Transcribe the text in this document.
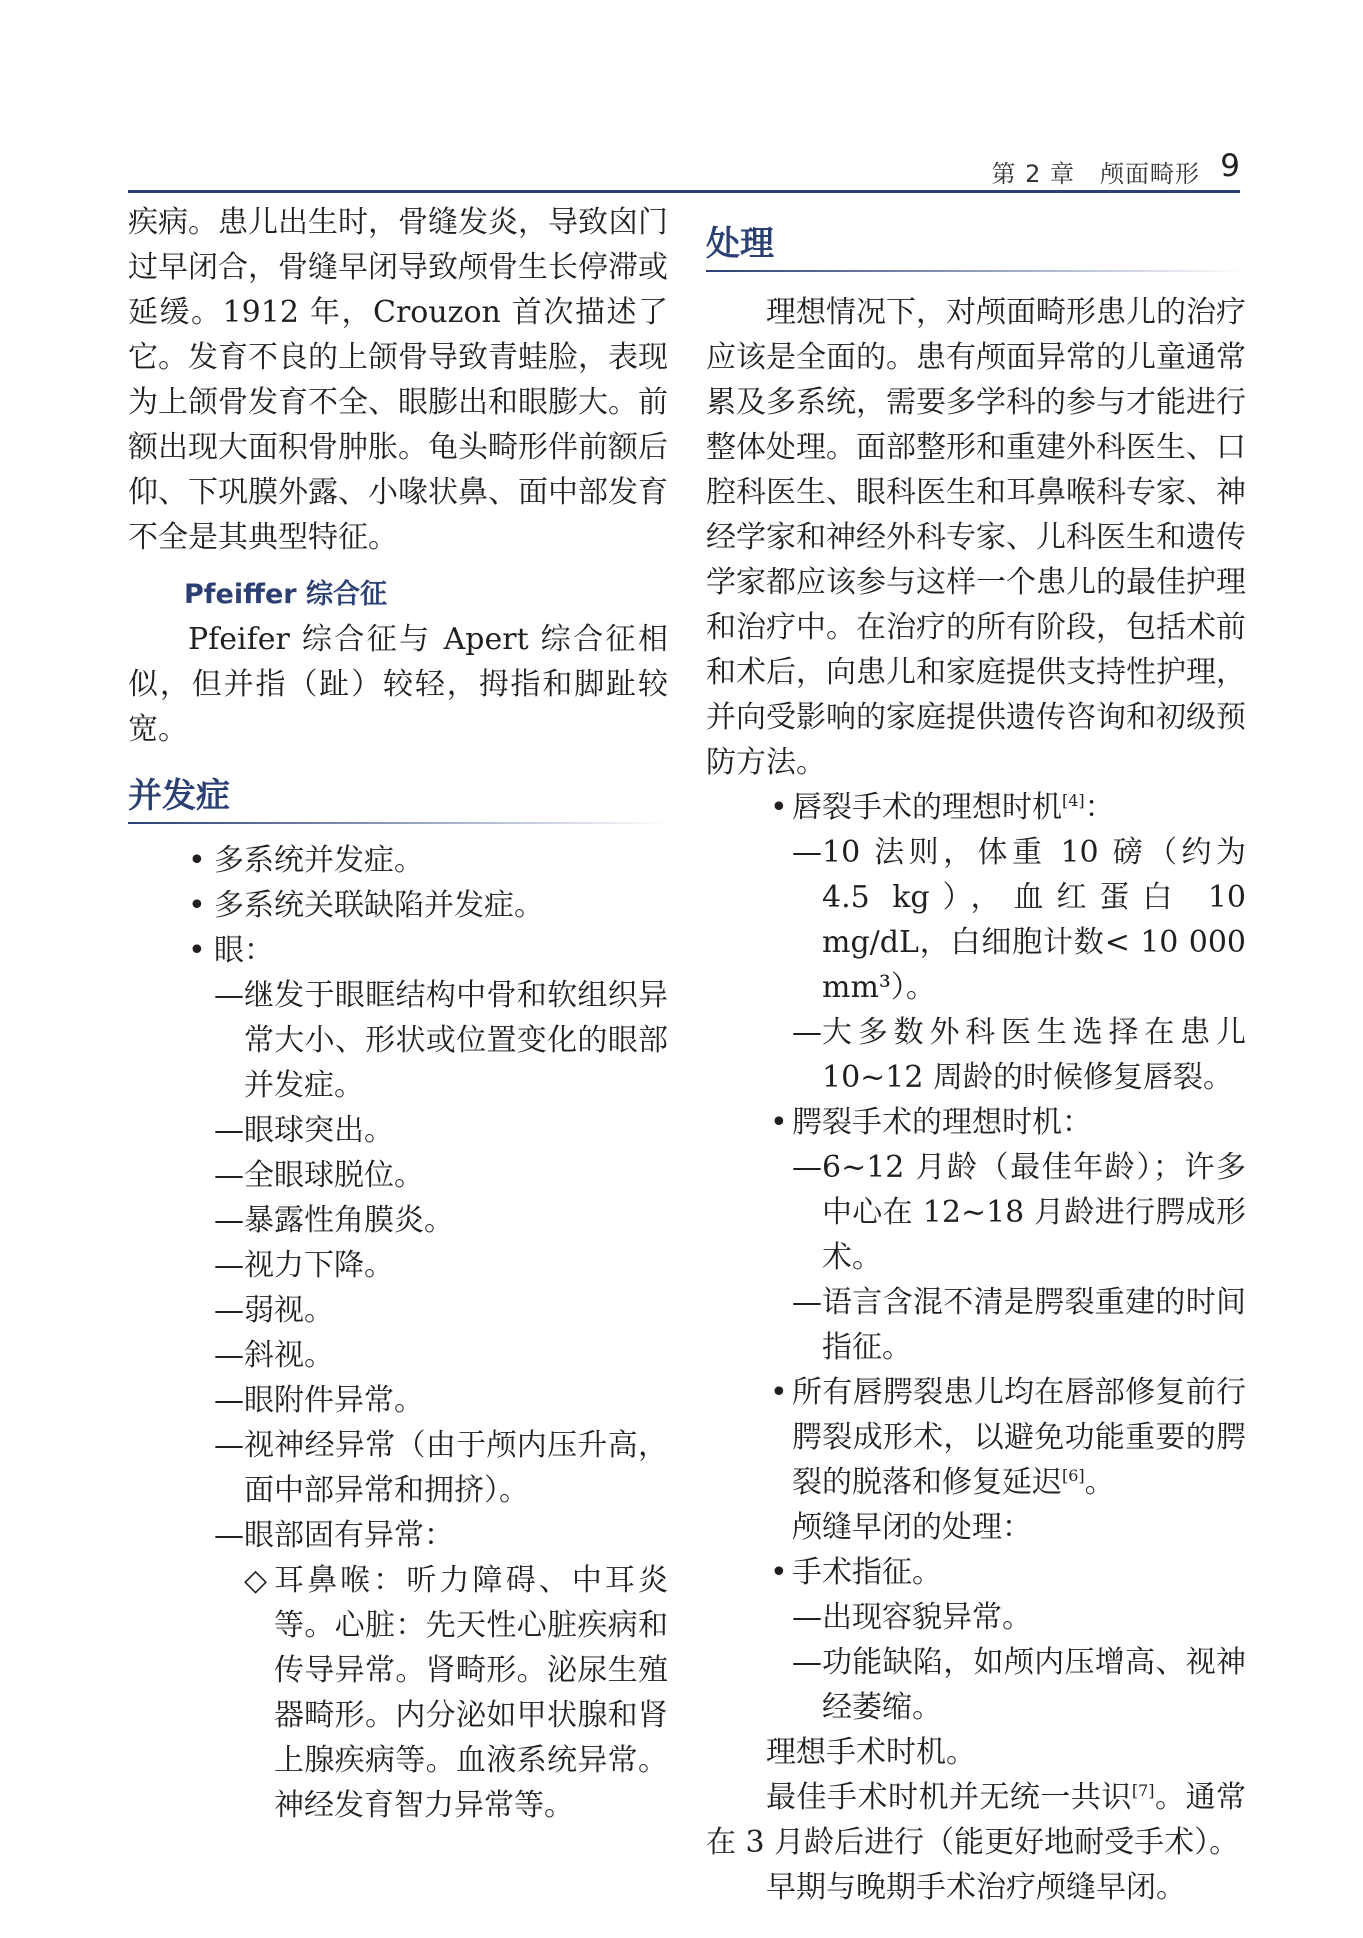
第 2 章　颅面畸形 9

疾病。患儿出生时，骨缝发炎，导致囟门过早闭合，骨缝早闭导致颅骨生长停滞或延缓。1912 年，Crouzon 首次描述了它。发育不良的上颌骨导致青蛙脸，表现为上颌骨发育不全、眼膨出和眼膨大。前额出现大面积骨肿胀。龟头畸形伴前额后仰、下巩膜外露、小喙状鼻、面中部发育不全是其典型特征。

Pfeiffer 综合征

Pfeifer 综合征与 Apert 综合征相似，但并指（趾）较轻，拇指和脚趾较宽。

并发症
• 多系统并发症。
• 多系统关联缺陷并发症。
• 眼：
— 继发于眼眶结构中骨和软组织异常大小、形状或位置变化的眼部并发症。
— 眼球突出。
— 全眼球脱位。
— 暴露性角膜炎。
— 视力下降。
— 弱视。
— 斜视。
— 眼附件异常。
— 视神经异常（由于颅内压升高，面中部异常和拥挤）。
— 眼部固有异常：
◇ 耳鼻喉：听力障碍、中耳炎等。心脏：先天性心脏疾病和传导异常。肾畸形。泌尿生殖器畸形。内分泌如甲状腺和肾上腺疾病等。血液系统异常。神经发育智力异常等。
处理

理想情况下，对颅面畸形患儿的治疗应该是全面的。患有颅面异常的儿童通常累及多系统，需要多学科的参与才能进行整体处理。面部整形和重建外科医生、口腔科医生、眼科医生和耳鼻喉科专家、神经学家和神经外科专家、儿科医生和遗传学家都应该参与这样一个患儿的最佳护理和治疗中。在治疗的所有阶段，包括术前和术后，向患儿和家庭提供支持性护理，并向受影响的家庭提供遗传咨询和初级预防方法。

• 唇裂手术的理想时机[4]：
— 10 法则，体重 10 磅（约为 4.5 kg），血红蛋白 10 mg/dL，白细胞计数< 10 000 mm³）。
— 大多数外科医生选择在患儿 10~12 周龄的时候修复唇裂。
• 腭裂手术的理想时机：
— 6~12 月龄（最佳年龄）；许多中心在 12~18 月龄进行腭成形术。
— 语言含混不清是腭裂重建的时间指征。
• 所有唇腭裂患儿均在唇部修复前行腭裂成形术，以避免功能重要的腭裂的脱落和修复延迟[6]。
颅缝早闭的处理：
• 手术指征。
— 出现容貌异常。
— 功能缺陷，如颅内压增高、视神经萎缩。

理想手术时机。

最佳手术时机并无统一共识[7]。通常在 3 月龄后进行（能更好地耐受手术）。

早期与晚期手术治疗颅缝早闭。
